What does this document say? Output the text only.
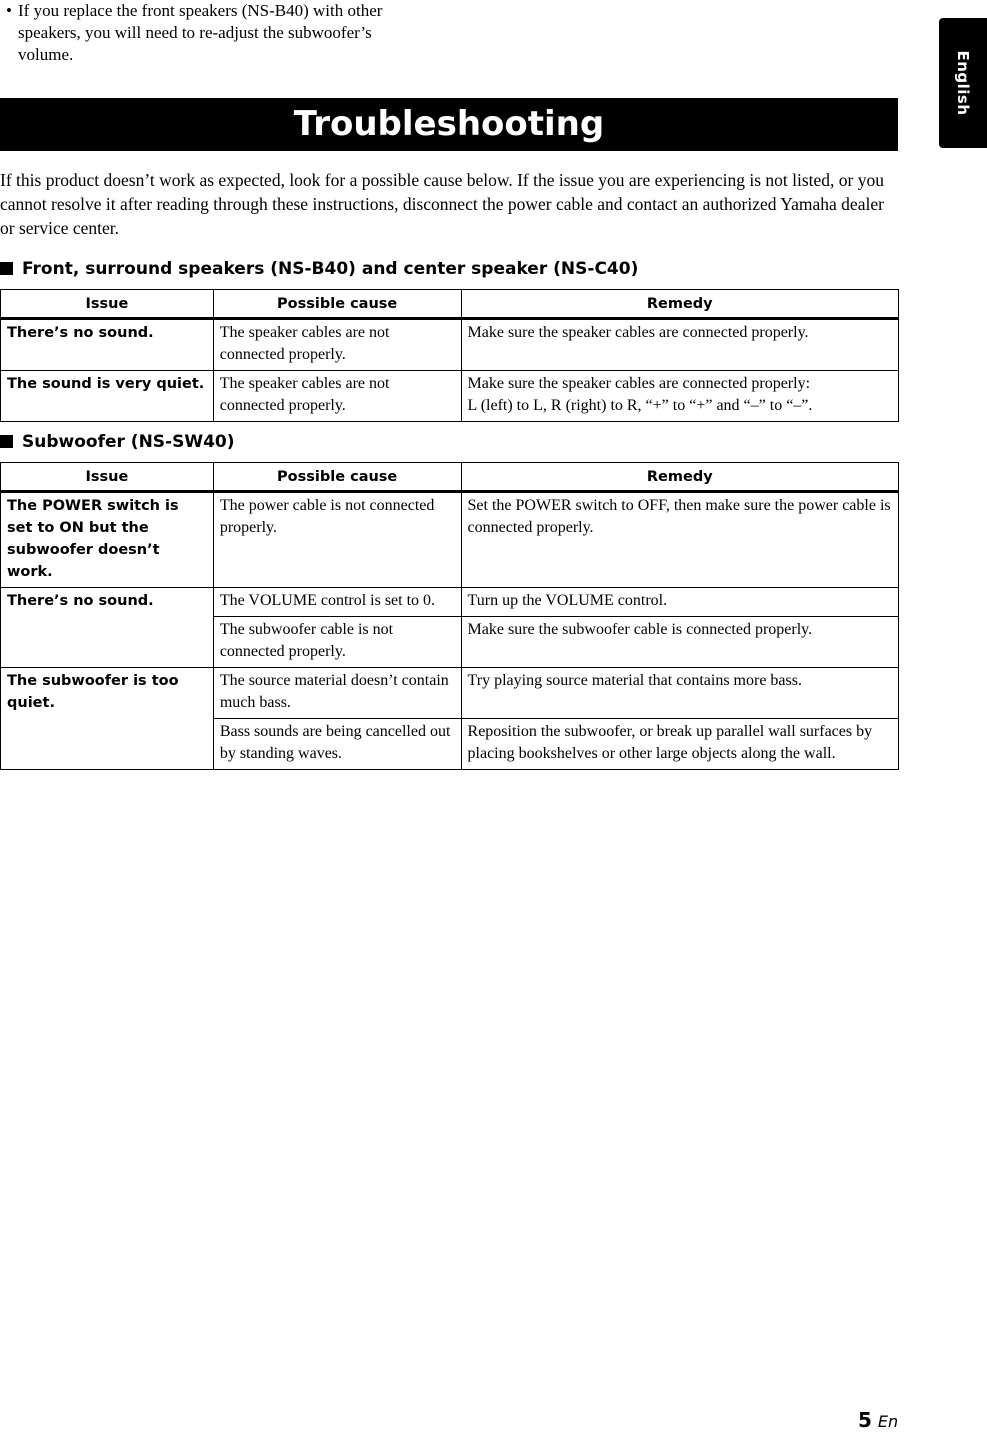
• If you replace the front speakers (NS-B40) with other speakers, you will need to re-adjust the subwoofer’s volume.	English
Troubleshooting
If this product doesn’t work as expected, look for a possible cause below. If the issue you are experiencing is not listed, or you cannot resolve it after reading through these instructions, disconnect the power cable and contact an authorized Yamaha dealer or service center.
Front, surround speakers (NS-B40) and center speaker (NS-C40)
Issue	Possible cause	Remedy
There’s no sound.	The speaker cables are not connected properly.	Make sure the speaker cables are connected properly.
The sound is very quiet.	The speaker cables are not connected properly.	Make sure the speaker cables are connected properly:
L (left) to L, R (right) to R, “+” to “+” and “–” to “–”.
Subwoofer (NS-SW40)
Issue	Possible cause	Remedy
The POWER switch is set to ON but the subwoofer doesn’t work.	The power cable is not connected properly.	Set the POWER switch to OFF, then make sure the power cable is connected properly.
There’s no sound.	The VOLUME control is set to 0.	Turn up the VOLUME control.
	The subwoofer cable is not connected properly.	Make sure the subwoofer cable is connected properly.
The subwoofer is too quiet.	The source material doesn’t contain much bass.	Try playing source material that contains more bass.
	Bass sounds are being cancelled out by standing waves.	Reposition the subwoofer, or break up parallel wall surfaces by placing bookshelves or other large objects along the wall.
5 En
